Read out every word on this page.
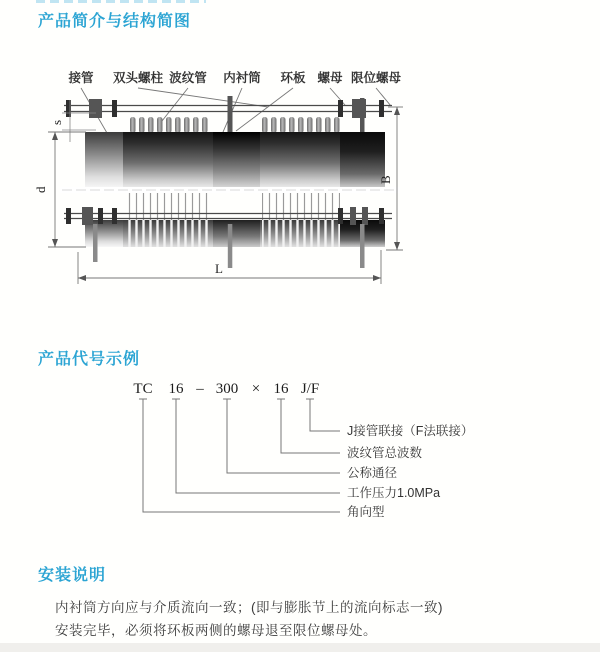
产品简介与结构简图
接管 双头螺柱 波纹管 内衬筒 环板 螺母 限位螺母
s
d
B
L
产品代号示例
TC 16 – 300 × 16 J/F
J接管联接（F法联接）
波纹管总波数
公称通径
工作压力1.0MPa
角向型
安装说明
内衬筒方向应与介质流向一致；(即与膨胀节上的流向标志一致)
安装完毕，必须将环板两侧的螺母退至限位螺母处。
